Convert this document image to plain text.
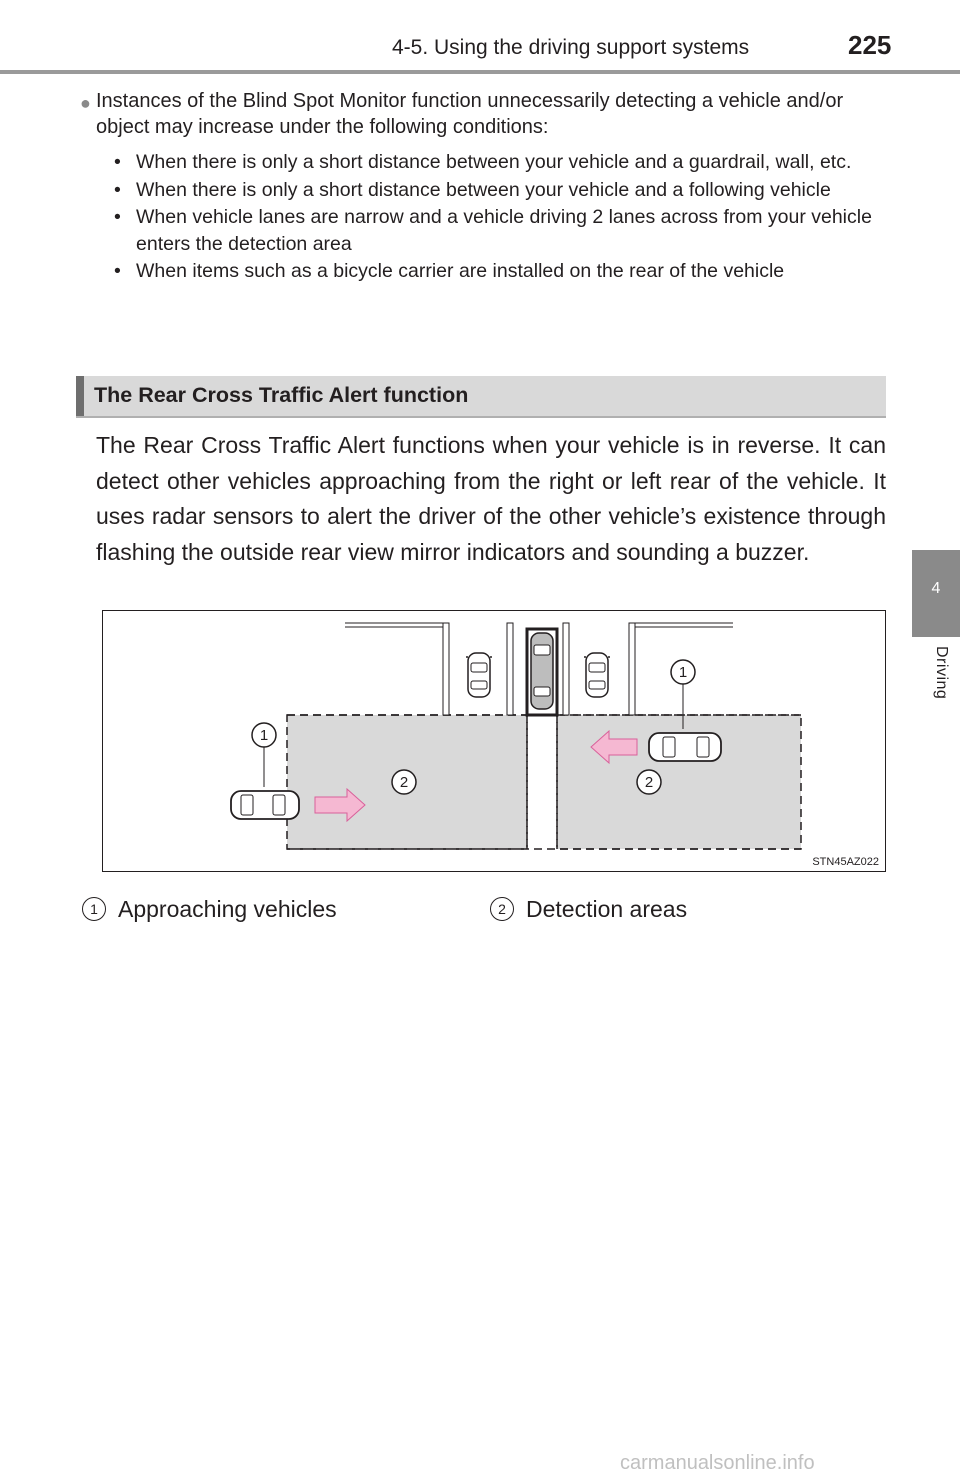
4-5. Using the driving support systems	225
4
Driving
● Instances of the Blind Spot Monitor function unnecessarily detecting a vehicle and/or object may increase under the following conditions:
• When there is only a short distance between your vehicle and a guardrail, wall, etc.
• When there is only a short distance between your vehicle and a following vehicle
• When vehicle lanes are narrow and a vehicle driving 2 lanes across from your vehicle enters the detection area
• When items such as a bicycle carrier are installed on the rear of the vehicle
The Rear Cross Traffic Alert function
The Rear Cross Traffic Alert functions when your vehicle is in reverse. It can detect other vehicles approaching from the right or left rear of the vehicle. It uses radar sensors to alert the driver of the other vehicle’s existence through flashing the outside rear view mirror indicators and sounding a buzzer.
1
1
2	2
STN45AZ022
1 Approaching vehicles	2 Detection areas
carmanualsonline.info
